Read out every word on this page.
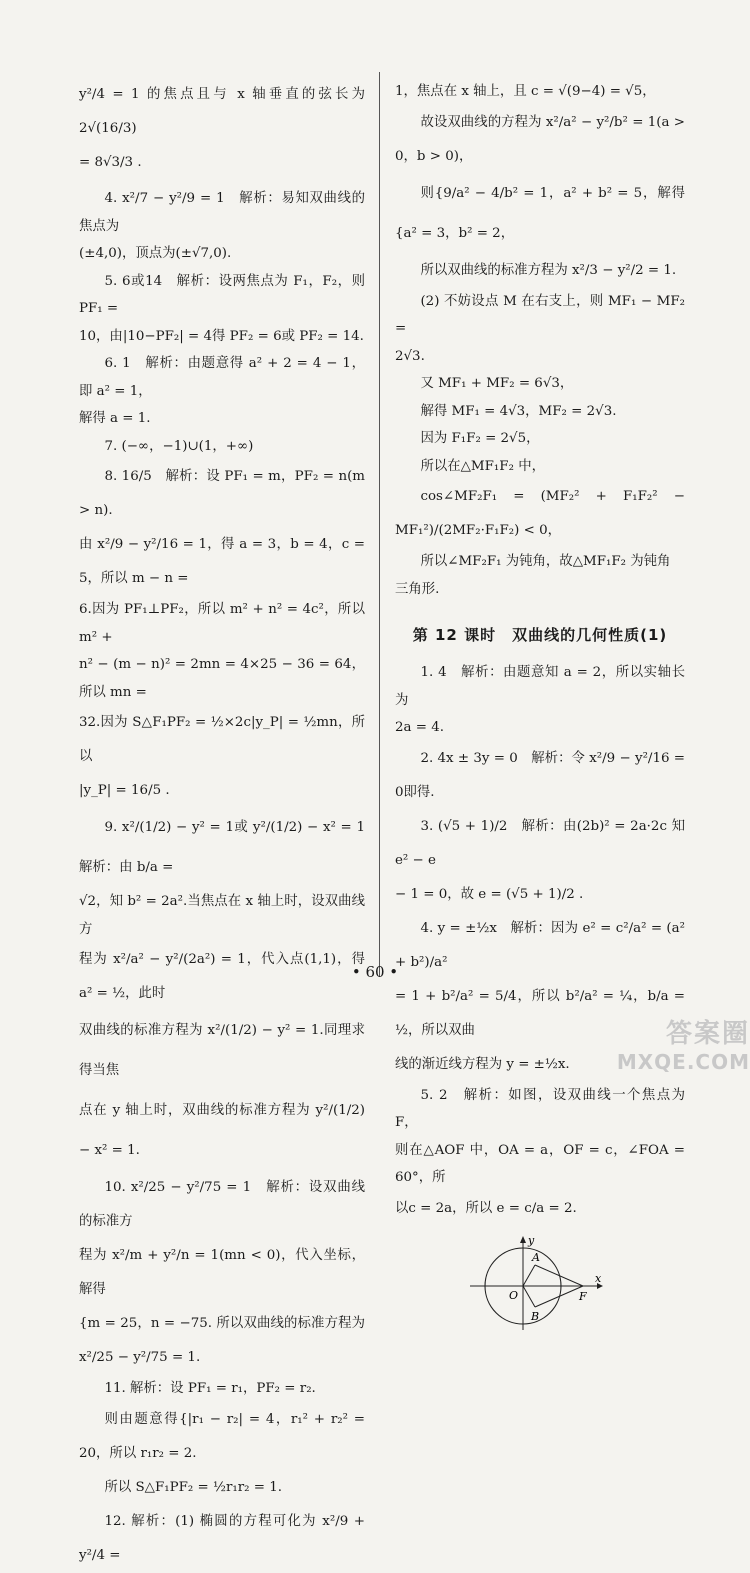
y²/4 = 1 的焦点且与 x 轴垂直的弦长为 2√(16/3)

= 8√3/3 .

4. x²/7 − y²/9 = 1　解析：易知双曲线的焦点为

(±4,0)，顶点为(±√7,0).

5. 6或14　解析：设两焦点为 F₁，F₂，则 PF₁ =

10，由|10−PF₂| = 4得 PF₂ = 6或 PF₂ = 14.

6. 1　解析：由题意得 a² + 2 = 4 − 1，即 a² = 1，

解得 a = 1.

7. (−∞，−1)∪(1，+∞)

8. 16/5　解析：设 PF₁ = m，PF₂ = n(m > n).

由 x²/9 − y²/16 = 1，得 a = 3，b = 4，c = 5，所以 m − n =

6.因为 PF₁⊥PF₂，所以 m² + n² = 4c²，所以 m² +

n² − (m − n)² = 2mn = 4×25 − 36 = 64，所以 mn =

32.因为 S△F₁PF₂ = ½×2c|y_P| = ½mn，所以

|y_P| = 16/5 .

9. x²/(1/2) − y² = 1或 y²/(1/2) − x² = 1　解析：由 b/a =

√2，知 b² = 2a².当焦点在 x 轴上时，设双曲线方

程为 x²/a² − y²/(2a²) = 1，代入点(1,1)，得 a² = ½，此时

双曲线的标准方程为 x²/(1/2) − y² = 1.同理求得当焦

点在 y 轴上时，双曲线的标准方程为 y²/(1/2) − x² = 1.

10. x²/25 − y²/75 = 1　解析：设双曲线的标准方

程为 x²/m + y²/n = 1(mn < 0)，代入坐标，解得

{m = 25，n = −75. 所以双曲线的标准方程为 x²/25 − y²/75 = 1.

11. 解析：设 PF₁ = r₁，PF₂ = r₂.

则由题意得{|r₁ − r₂| = 4，r₁² + r₂² = 20，所以 r₁r₂ = 2.

所以 S△F₁PF₂ = ½r₁r₂ = 1.

12. 解析：(1) 椭圆的方程可化为 x²/9 + y²/4 =

1，焦点在 x 轴上，且 c = √(9−4) = √5，

故设双曲线的方程为 x²/a² − y²/b² = 1(a > 0，b > 0)，

则{9/a² − 4/b² = 1，a² + b² = 5，解得{a² = 3，b² = 2，

所以双曲线的标准方程为 x²/3 − y²/2 = 1.

(2) 不妨设点 M 在右支上，则 MF₁ − MF₂ =

2√3.

又 MF₁ + MF₂ = 6√3，

解得 MF₁ = 4√3，MF₂ = 2√3.

因为 F₁F₂ = 2√5，

所以在△MF₁F₂ 中，

cos∠MF₂F₁ = (MF₂² + F₁F₂² − MF₁²)/(2MF₂·F₁F₂) < 0，

所以∠MF₂F₁ 为钝角，故△MF₁F₂ 为钝角

三角形.

第 12 课时　双曲线的几何性质(1)

1. 4　解析：由题意知 a = 2，所以实轴长为

2a = 4.

2. 4x ± 3y = 0　解析：令 x²/9 − y²/16 = 0即得.

3. (√5 + 1)/2　解析：由(2b)² = 2a·2c 知 e² − e

− 1 = 0，故 e = (√5 + 1)/2 .

4. y = ±½x　解析：因为 e² = c²/a² = (a² + b²)/a²

= 1 + b²/a² = 5/4，所以 b²/a² = ¼，b/a = ½，所以双曲

线的渐近线方程为 y = ±½x.

5. 2　解析：如图，设双曲线一个焦点为 F，

则在△AOF 中，OA = a，OF = c，∠FOA = 60°，所

以c = 2a，所以 e = c/a = 2.

y
x
O
A
B
F
• 60 •
答案圈
MXQE.COM
